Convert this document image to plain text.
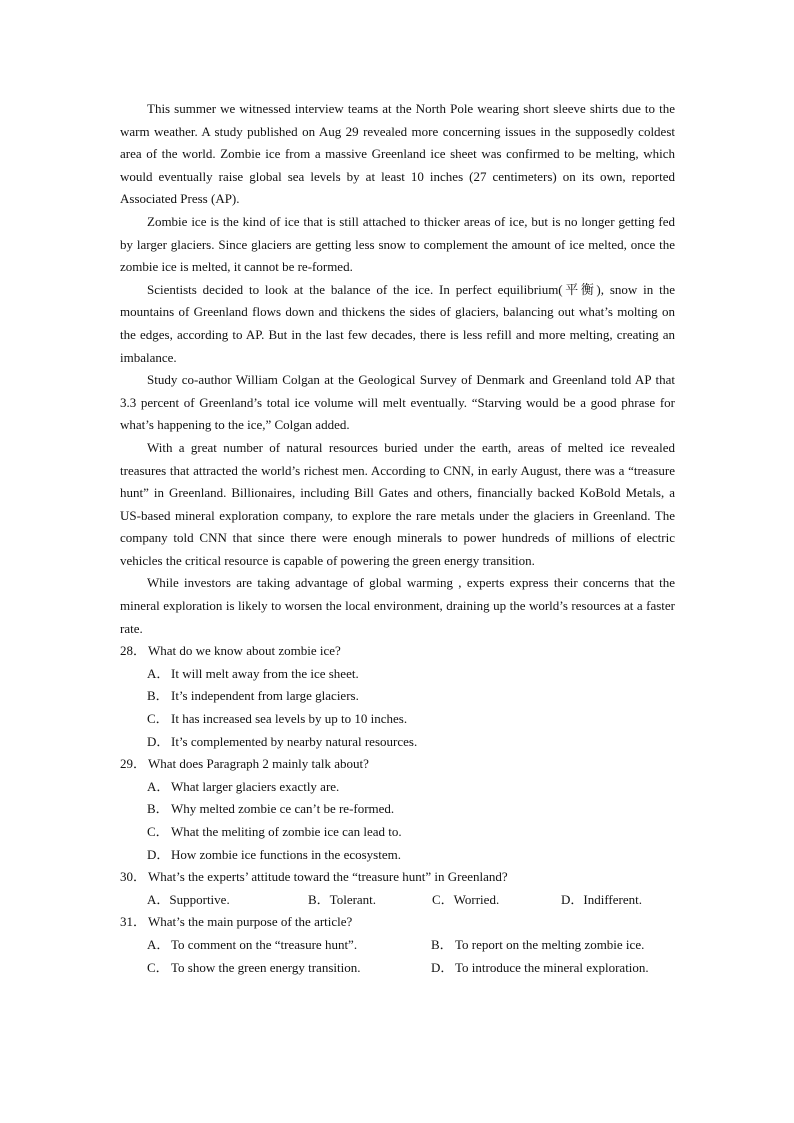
This summer we witnessed interview teams at the North Pole wearing short sleeve shirts due to the warm weather. A study published on Aug 29 revealed more concerning issues in the supposedly coldest area of the world. Zombie ice from a massive Greenland ice sheet was confirmed to be melting, which would eventually raise global sea levels by at least 10 inches (27 centimeters) on its own, reported Associated Press (AP).

Zombie ice is the kind of ice that is still attached to thicker areas of ice, but is no longer getting fed by larger glaciers. Since glaciers are getting less snow to complement the amount of ice melted, once the zombie ice is melted, it cannot be re-formed.

Scientists decided to look at the balance of the ice. In perfect equilibrium(平衡), snow in the mountains of Greenland flows down and thickens the sides of glaciers, balancing out what’s molting on the edges, according to AP. But in the last few decades, there is less refill and more melting, creating an imbalance.

Study co-author William Colgan at the Geological Survey of Denmark and Greenland told AP that 3.3 percent of Greenland’s total ice volume will melt eventually. “Starving would be a good phrase for what’s happening to the ice,” Colgan added.

With a great number of natural resources buried under the earth, areas of melted ice revealed treasures that attracted the world’s richest men. According to CNN, in early August, there was a “treasure hunt” in Greenland. Billionaires, including Bill Gates and others, financially backed KoBold Metals, a US-based mineral exploration company, to explore the rare metals under the glaciers in Greenland. The company told CNN that since there were enough minerals to power hundreds of millions of electric vehicles the critical resource is capable of powering the green energy transition.

While investors are taking advantage of global warming , experts express their concerns that the mineral exploration is likely to worsen the local environment, draining up the world’s resources at a faster rate.

28． What do we know about zombie ice?

A． It will melt away from the ice sheet.

B． It’s independent from large glaciers.

C． It has increased sea levels by up to 10 inches.

D． It’s complemented by nearby natural resources.

29． What does Paragraph 2 mainly talk about?

A． What larger glaciers exactly are.

B． Why melted zombie ce can’t be re-formed.

C． What the meliting of zombie ice can lead to.

D． How zombie ice functions in the ecosystem.

30． What’s the experts’ attitude toward the “treasure hunt” in Greenland?

A．Supportive.	B．Tolerant.	C．Worried.	D．Indifferent.

31． What’s the main purpose of the article?

A． To comment on the “treasure hunt”.	B． To report on the melting zombie ice.
C． To show the green energy transition.	D． To introduce the mineral exploration.
